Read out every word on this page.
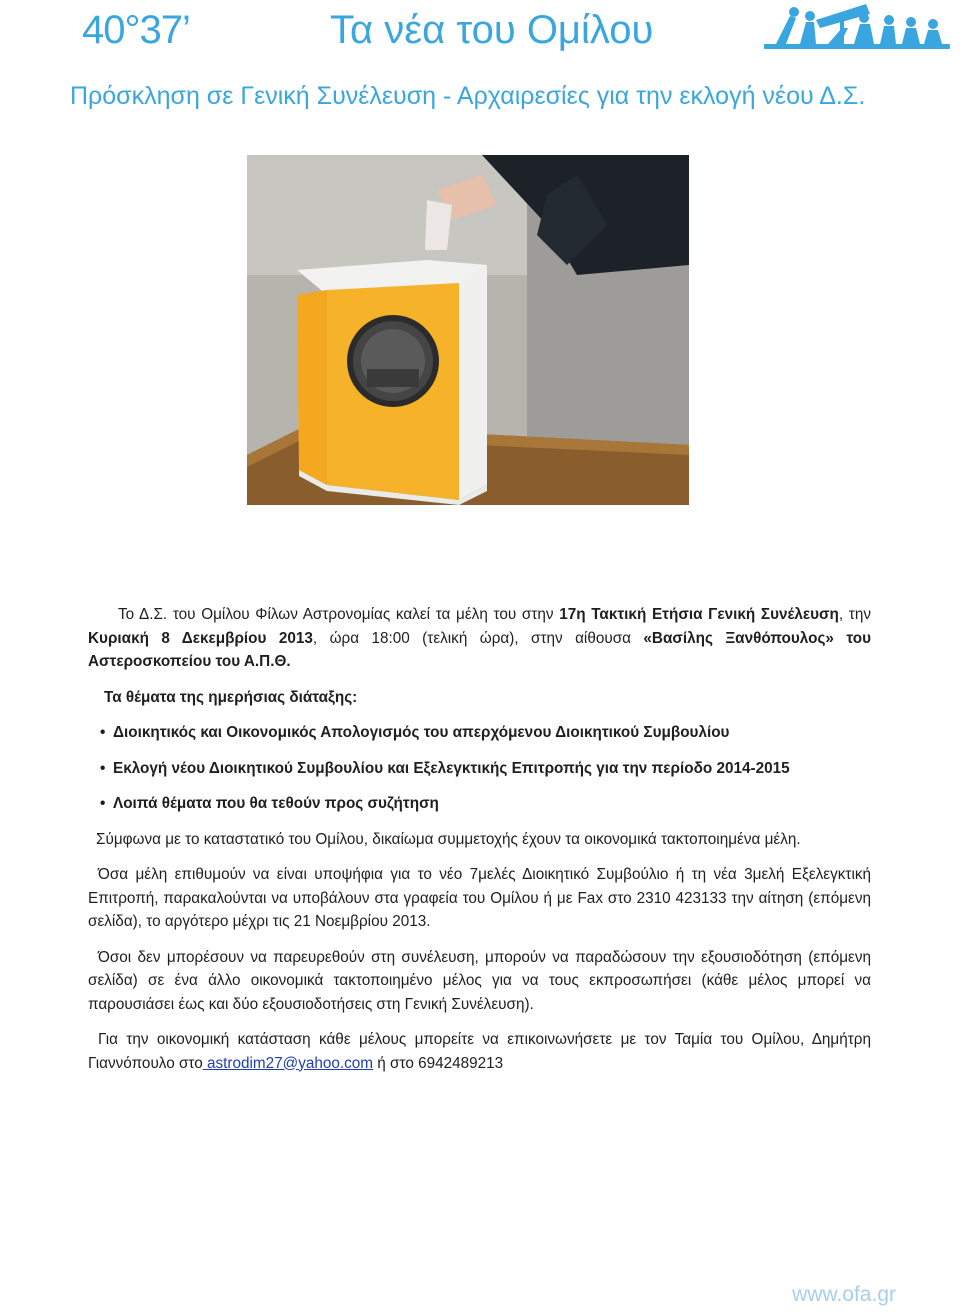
40°37’	Τα νέα του Ομίλου
Πρόσκληση σε Γενική Συνέλευση - Αρχαιρεσίες για την εκλογή νέου Δ.Σ.

Το Δ.Σ. του Ομίλου Φίλων Αστρονομίας καλεί τα μέλη του στην 17η Τακτική Ετήσια Γενική Συνέλευση, την Κυριακή 8 Δεκεμβρίου 2013, ώρα 18:00 (τελική ώρα), στην αίθουσα «Βασίλης Ξανθόπουλος» του Αστεροσκοπείου του Α.Π.Θ.

Τα θέματα της ημερήσιας διάταξης:

• Διοικητικός και Οικονομικός Απολογισμός του απερχόμενου Διοικητικού Συμβουλίου
• Εκλογή νέου Διοικητικού Συμβουλίου και Εξελεγκτικής Επιτροπής για την περίοδο 2014-2015
• Λοιπά θέματα που θα τεθούν προς συζήτηση

Σύμφωνα με το καταστατικό του Ομίλου, δικαίωμα συμμετοχής έχουν τα οικονομικά τακτοποιημένα μέλη.

Όσα μέλη επιθυμούν να είναι υποψήφια για το νέο 7μελές Διοικητικό Συμβούλιο ή τη νέα 3μελή Εξελεγκτική Επιτροπή, παρακαλούνται να υποβάλουν στα γραφεία του Ομίλου ή με Fax στο 2310 423133 την αίτηση (επόμενη σελίδα), το αργότερο μέχρι τις 21 Νοεμβρίου 2013.

Όσοι δεν μπορέσουν να παρευρεθούν στη συνέλευση, μπορούν να παραδώσουν την εξουσιοδότηση (επόμενη σελίδα) σε ένα άλλο οικονομικά τακτοποιημένο μέλος για να τους εκπροσωπήσει (κάθε μέλος μπορεί να παρουσιάσει έως και δύο εξουσιοδοτήσεις στη Γενική Συνέλευση).

Για την οικονομική κατάσταση κάθε μέλους μπορείτε να επικοινωνήσετε με τον Ταμία του Ομίλου, Δημήτρη Γιαννόπουλο στο astrodim27@yahoo.com ή στο 6942489213

www.ofa.gr
